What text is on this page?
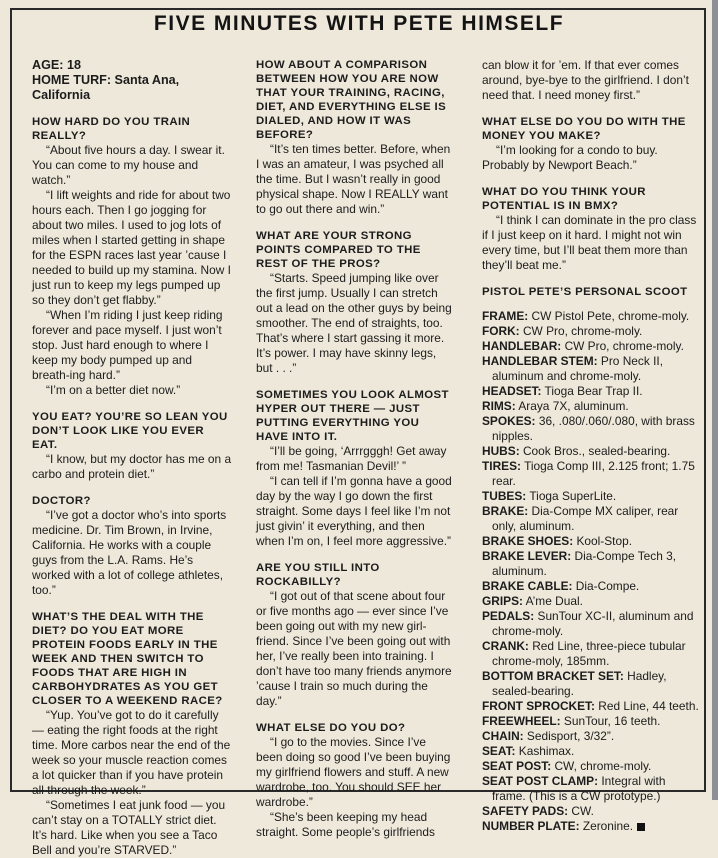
FIVE MINUTES WITH PETE HIMSELF
AGE: 18
HOME TURF: Santa Ana, California
HOW HARD DO YOU TRAIN REALLY?

“About five hours a day. I swear it. You can come to my house and watch.”

“I lift weights and ride for about two hours each. Then I go jogging for about two miles. I used to jog lots of miles when I started getting in shape for the ESPN races last year ’cause I needed to build up my stamina. Now I just run to keep my legs pumped up so they don’t get flabby.”

“When I’m riding I just keep riding forever and pace myself. I just won’t stop. Just hard enough to where I keep my body pumped up and breath-ing hard.”

“I’m on a better diet now.”

YOU EAT? YOU’RE SO LEAN YOU DON’T LOOK LIKE YOU EVER EAT.

“I know, but my doctor has me on a carbo and protein diet.”

DOCTOR?

“I’ve got a doctor who’s into sports medicine. Dr. Tim Brown, in Irvine, California. He works with a couple guys from the L.A. Rams. He’s worked with a lot of college athletes, too.”

WHAT’S THE DEAL WITH THE DIET? DO YOU EAT MORE PROTEIN FOODS EARLY IN THE WEEK AND THEN SWITCH TO FOODS THAT ARE HIGH IN CARBOHYDRATES AS YOU GET CLOSER TO A WEEKEND RACE?

“Yup. You’ve got to do it carefully — eating the right foods at the right time. More carbos near the end of the week so your muscle reaction comes a lot quicker than if you have protein all through the week.”

“Sometimes I eat junk food — you can’t stay on a TOTALLY strict diet. It’s hard. Like when you see a Taco Bell and you’re STARVED.”

HOW ABOUT A COMPARISON BETWEEN HOW YOU ARE NOW THAT YOUR TRAINING, RACING, DIET, AND EVERYTHING ELSE IS DIALED, AND HOW IT WAS BEFORE?

“It’s ten times better. Before, when I was an amateur, I was psyched all the time. But I wasn’t really in good physical shape. Now I REALLY want to go out there and win.”

WHAT ARE YOUR STRONG POINTS COMPARED TO THE REST OF THE PROS?

“Starts. Speed jumping like over the first jump. Usually I can stretch out a lead on the other guys by being smoother. The end of straights, too. That’s where I start gassing it more. It’s power. I may have skinny legs, but . . .”

SOMETIMES YOU LOOK ALMOST HYPER OUT THERE — JUST PUTTING EVERYTHING YOU HAVE INTO IT.

“I’ll be going, ‘Arrrgggh! Get away from me! Tasmanian Devil!’ ”

“I can tell if I’m gonna have a good day by the way I go down the first straight. Some days I feel like I’m not just givin’ it everything, and then when I’m on, I feel more aggressive.”

ARE YOU STILL INTO ROCKABILLY?

“I got out of that scene about four or five months ago — ever since I’ve been going out with my new girl-friend. Since I’ve been going out with her, I’ve really been into training. I don’t have too many friends anymore ’cause I train so much during the day.”

WHAT ELSE DO YOU DO?

“I go to the movies. Since I’ve been doing so good I’ve been buying my girlfriend flowers and stuff. A new wardrobe, too. You should SEE her wardrobe.”

“She’s been keeping my head straight. Some people’s girlfriends

can blow it for ’em. If that ever comes around, bye-bye to the girlfriend. I don’t need that. I need money first.”

WHAT ELSE DO YOU DO WITH THE MONEY YOU MAKE?

“I’m looking for a condo to buy. Probably by Newport Beach.”

WHAT DO YOU THINK YOUR POTENTIAL IS IN BMX?

“I think I can dominate in the pro class if I just keep on it hard. I might not win every time, but I’ll beat them more than they’ll beat me.”

PISTOL PETE’S PERSONAL SCOOT
FRAME: CW Pistol Pete, chrome-moly.
FORK: CW Pro, chrome-moly.
HANDLEBAR: CW Pro, chrome-moly.
HANDLEBAR STEM: Pro Neck II, aluminum and chrome-moly.
HEADSET: Tioga Bear Trap II.
RIMS: Araya 7X, aluminum.
SPOKES: 36, .080/.060/.080, with brass nipples.
HUBS: Cook Bros., sealed-bearing.
TIRES: Tioga Comp III, 2.125 front; 1.75 rear.
TUBES: Tioga SuperLite.
BRAKE: Dia-Compe MX caliper, rear only, aluminum.
BRAKE SHOES: Kool-Stop.
BRAKE LEVER: Dia-Compe Tech 3, aluminum.
BRAKE CABLE: Dia-Compe.
GRIPS: A’me Dual.
PEDALS: SunTour XC-II, aluminum and chrome-moly.
CRANK: Red Line, three-piece tubular chrome-moly, 185mm.
BOTTOM BRACKET SET: Hadley, sealed-bearing.
FRONT SPROCKET: Red Line, 44 teeth.
FREEWHEEL: SunTour, 16 teeth.
CHAIN: Sedisport, 3/32”.
SEAT: Kashimax.
SEAT POST: CW, chrome-moly.
SEAT POST CLAMP: Integral with frame. (This is a CW prototype.)
SAFETY PADS: CW.
NUMBER PLATE: Zeronine.
